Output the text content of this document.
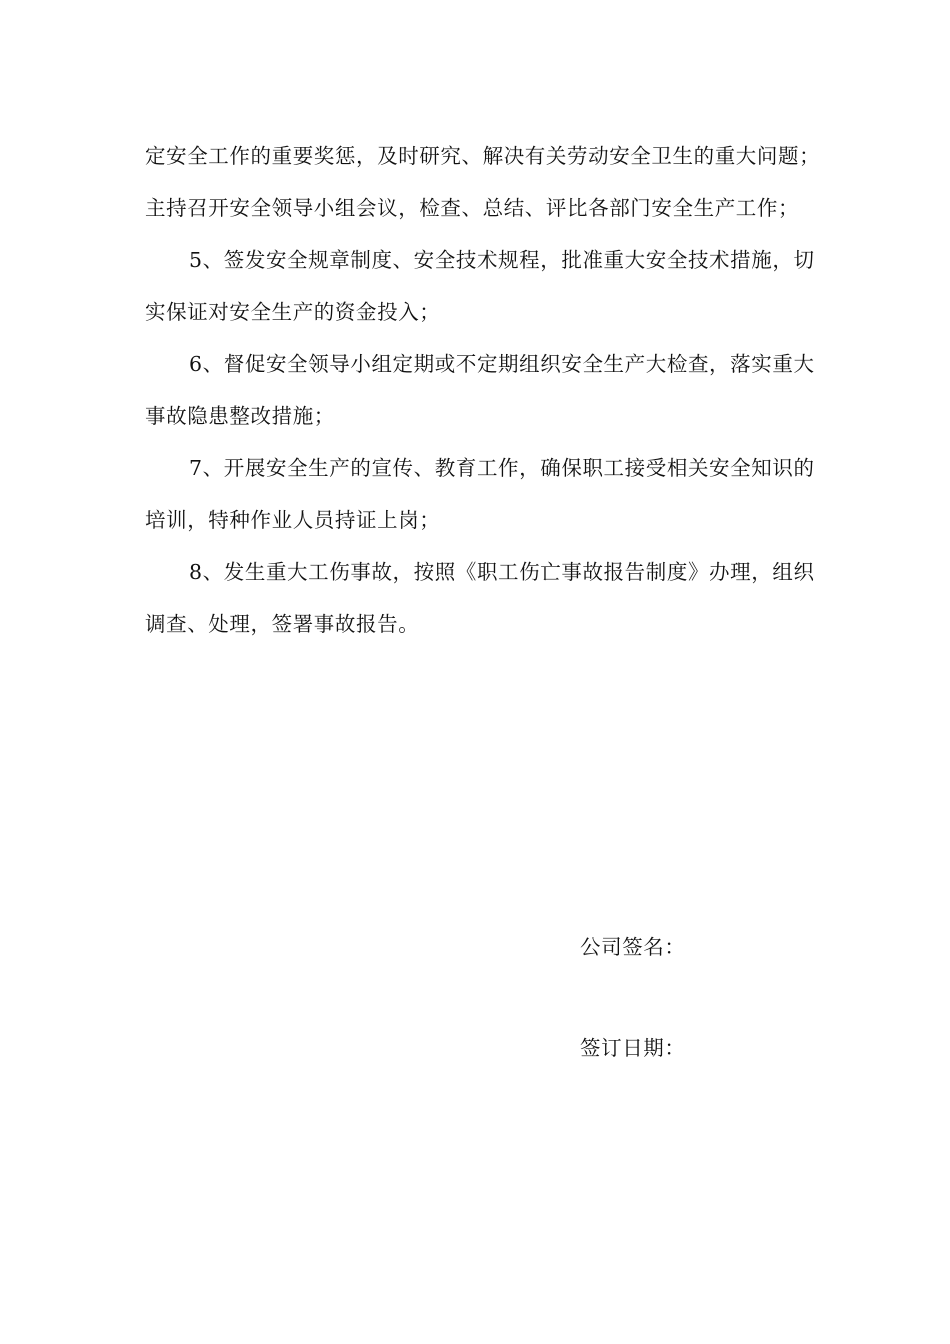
定安全工作的重要奖惩，及时研究、解决有关劳动安全卫生的重大问题；主持召开安全领导小组会议，检查、总结、评比各部门安全生产工作；

5、签发安全规章制度、安全技术规程，批准重大安全技术措施，切实保证对安全生产的资金投入；

6、督促安全领导小组定期或不定期组织安全生产大检查，落实重大事故隐患整改措施；

7、开展安全生产的宣传、教育工作，确保职工接受相关安全知识的培训，特种作业人员持证上岗；

8、发生重大工伤事故，按照《职工伤亡事故报告制度》办理，组织调查、处理，签署事故报告。

公司签名：
签订日期：
